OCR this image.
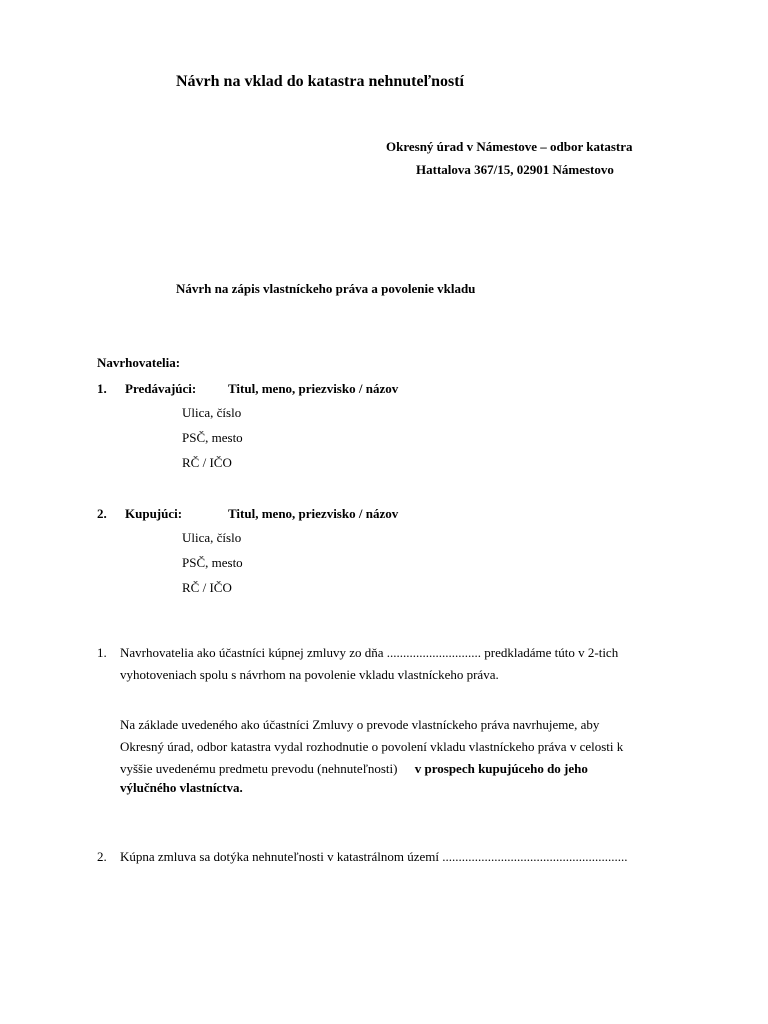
Návrh na vklad do katastra nehnuteľností
Okresný úrad v Námestove – odbor katastra
Hattalova 367/15, 02901 Námestovo
Návrh na zápis vlastníckeho práva a povolenie vkladu
Navrhovatelia:
1. Predávajúci: Titul, meno, priezvisko / názov
Ulica, číslo
PSČ, mesto
RČ / IČO
2. Kupujúci:	Titul, meno, priezvisko / názov
Ulica, číslo
PSČ, mesto
RČ / IČO
1. Navrhovatelia ako účastníci kúpnej zmluvy zo dňa ............................. predkladáme túto v 2-tich
vyhotoveniach spolu s návrhom na povolenie vkladu vlastníckeho práva.
Na základe uvedeného ako účastníci Zmluvy o prevode vlastníckeho práva navrhujeme, aby
Okresný úrad, odbor katastra vydal rozhodnutie o povolení vkladu vlastníckeho práva v celosti k
vyššie uvedenému predmetu prevodu (nehnuteľnosti) v prospech kupujúceho do jeho
výlučného vlastníctva.
2. Kúpna zmluva sa dotýka nehnuteľnosti v katastrálnom území .........................................................
